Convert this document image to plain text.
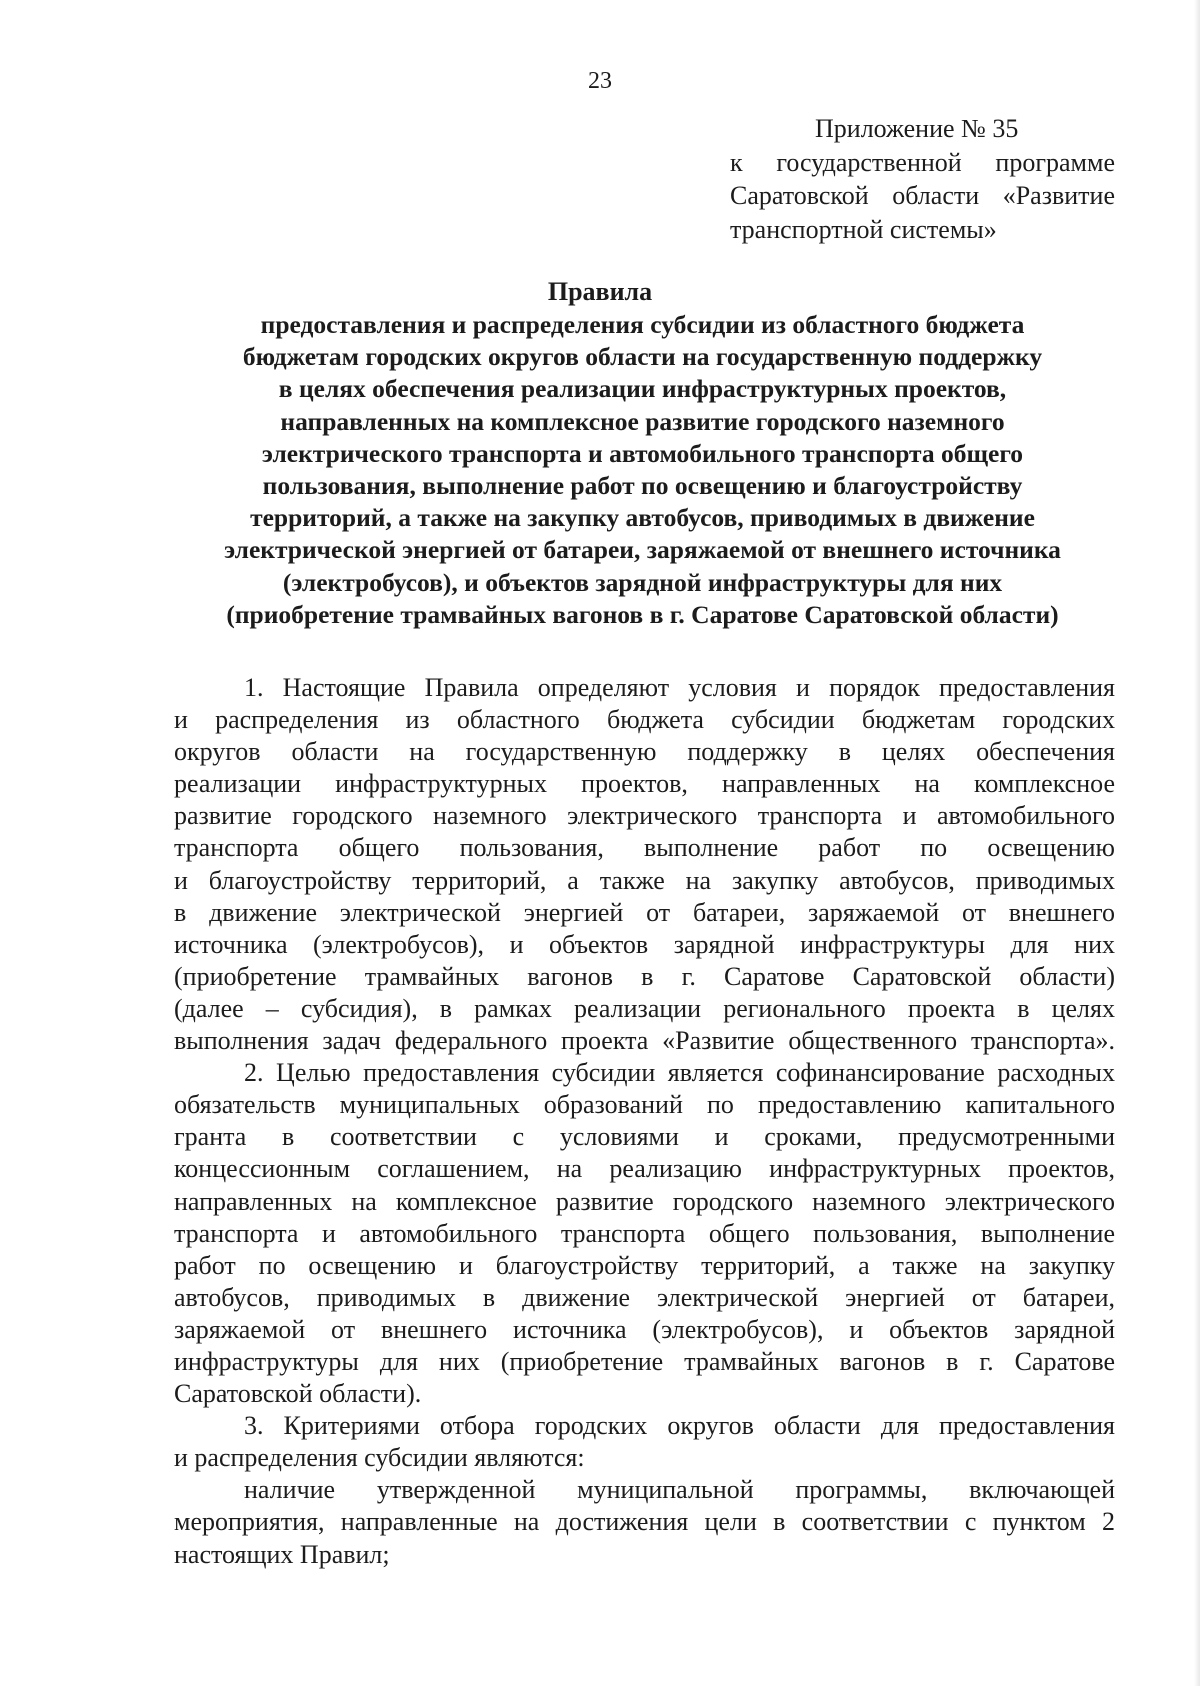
23
Приложение № 35
к государственной программе
Саратовской области «Развитие
транспортной системы»
Правила
предоставления и распределения субсидии из областного бюджета
бюджетам городских округов области на государственную поддержку
в целях обеспечения реализации инфраструктурных проектов,
направленных на комплексное развитие городского наземного
электрического транспорта и автомобильного транспорта общего
пользования, выполнение работ по освещению и благоустройству
территорий, а также на закупку автобусов, приводимых в движение
электрической энергией от батареи, заряжаемой от внешнего источника
(электробусов), и объектов зарядной инфраструктуры для них
(приобретение трамвайных вагонов в г. Саратове Саратовской области)
1. Настоящие Правила определяют условия и порядок предоставления
и распределения из областного бюджета субсидии бюджетам городских
округов области на государственную поддержку в целях обеспечения
реализации инфраструктурных проектов, направленных на комплексное
развитие городского наземного электрического транспорта и автомобильного
транспорта общего пользования, выполнение работ по освещению
и благоустройству территорий, а также на закупку автобусов, приводимых
в движение электрической энергией от батареи, заряжаемой от внешнего
источника (электробусов), и объектов зарядной инфраструктуры для них
(приобретение трамвайных вагонов в г. Саратове Саратовской области)
(далее – субсидия), в рамках реализации регионального проекта в целях
выполнения задач федерального проекта «Развитие общественного транспорта».
2. Целью предоставления субсидии является софинансирование расходных
обязательств муниципальных образований по предоставлению капитального
гранта в соответствии с условиями и сроками, предусмотренными
концессионным соглашением, на реализацию инфраструктурных проектов,
направленных на комплексное развитие городского наземного электрического
транспорта и автомобильного транспорта общего пользования, выполнение
работ по освещению и благоустройству территорий, а также на закупку
автобусов, приводимых в движение электрической энергией от батареи,
заряжаемой от внешнего источника (электробусов), и объектов зарядной
инфраструктуры для них (приобретение трамвайных вагонов в г. Саратове
Саратовской области).
3. Критериями отбора городских округов области для предоставления
и распределения субсидии являются:
наличие утвержденной муниципальной программы, включающей
мероприятия, направленные на достижения цели в соответствии с пунктом 2
настоящих Правил;
